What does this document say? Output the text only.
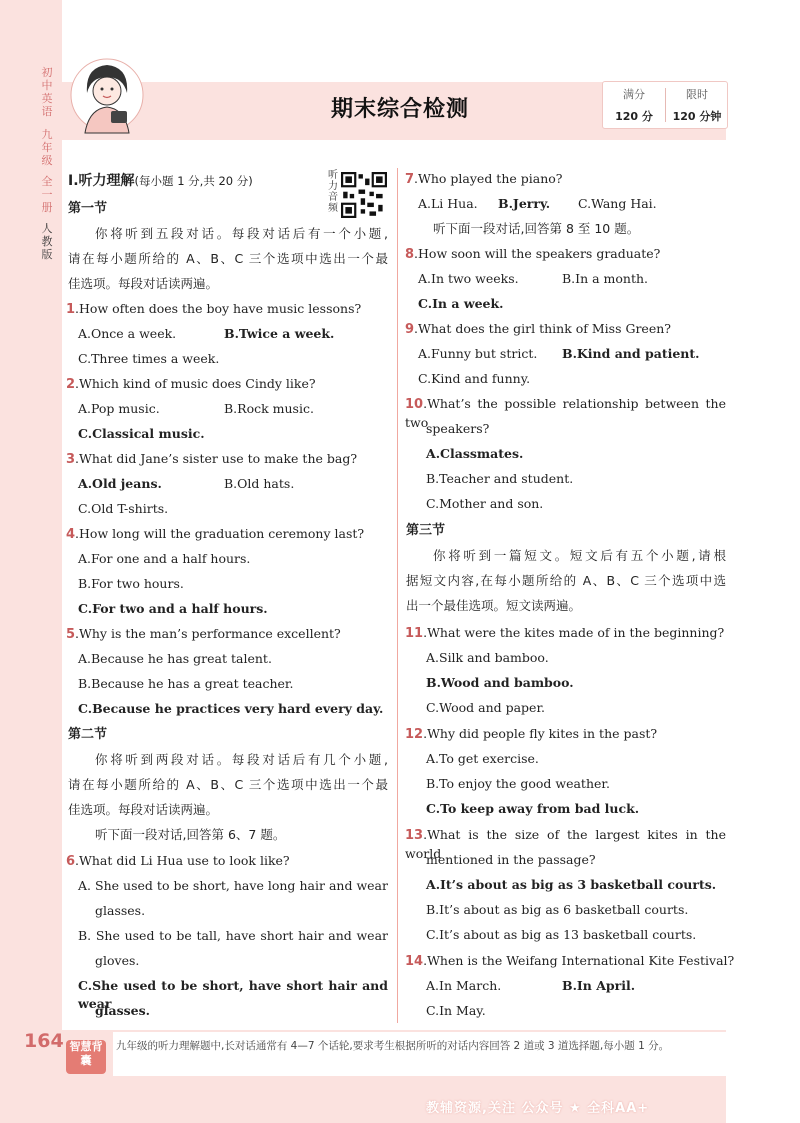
初中英语
九年级
全一册
人教版
期末综合检测
满分
120 分
限时
120 分钟
听力音频
Ⅰ.听力理解(每小题 1 分,共 20 分)
第一节
你将听到五段对话。每段对话后有一个小题,
请在每小题所给的 A、B、C 三个选项中选出一个最
佳选项。每段对话读两遍。
1.How often does the boy have music lessons?
A.Once a week.	B.Twice a week.
C.Three times a week.
2.Which kind of music does Cindy like?
A.Pop music.	B.Rock music.
C.Classical music.
3.What did Jane’s sister use to make the bag?
A.Old jeans.	B.Old hats.
C.Old T-shirts.
4.How long will the graduation ceremony last?
A.For one and a half hours.
B.For two hours.
C.For two and a half hours.
5.Why is the man’s performance excellent?
A.Because he has great talent.
B.Because he has a great teacher.
C.Because he practices very hard every day.
第二节
你将听到两段对话。每段对话后有几个小题,
请在每小题所给的 A、B、C 三个选项中选出一个最
佳选项。每段对话读两遍。
听下面一段对话,回答第 6、7 题。
6.What did Li Hua use to look like?
A. She used to be short, have long hair and wear
glasses.
B. She used to be tall, have short hair and wear
gloves.
C.She used to be short, have short hair and wear
glasses.
7.Who played the piano?
A.Li Hua. B.Jerry. C.Wang Hai.
听下面一段对话,回答第 8 至 10 题。
8.How soon will the speakers graduate?
A.In two weeks.	B.In a month.
C.In a week.
9.What does the girl think of Miss Green?
A.Funny but strict. B.Kind and patient.
C.Kind and funny.
10.What’s the possible relationship between the two
speakers?
A.Classmates.
B.Teacher and student.
C.Mother and son.
第三节
你将听到一篇短文。短文后有五个小题,请根
据短文内容,在每小题所给的 A、B、C 三个选项中选
出一个最佳选项。短文读两遍。
11.What were the kites made of in the beginning?
A.Silk and bamboo.
B.Wood and bamboo.
C.Wood and paper.
12.Why did people fly kites in the past?
A.To get exercise.
B.To enjoy the good weather.
C.To keep away from bad luck.
13.What is the size of the largest kites in the world
mentioned in the passage?
A.It’s about as big as 3 basketball courts.
B.It’s about as big as 6 basketball courts.
C.It’s about as big as 13 basketball courts.
14.When is the Weifang International Kite Festival?
A.In March.	B.In April.
C.In May.
164 智慧背囊
九年级的听力理解题中,长对话通常有 4—7 个话轮,要求考生根据所听的对话内容回答 2 道或 3 道选择题,每小题 1 分。
教辅资源,关注 公众号 ★ 全科AA+
